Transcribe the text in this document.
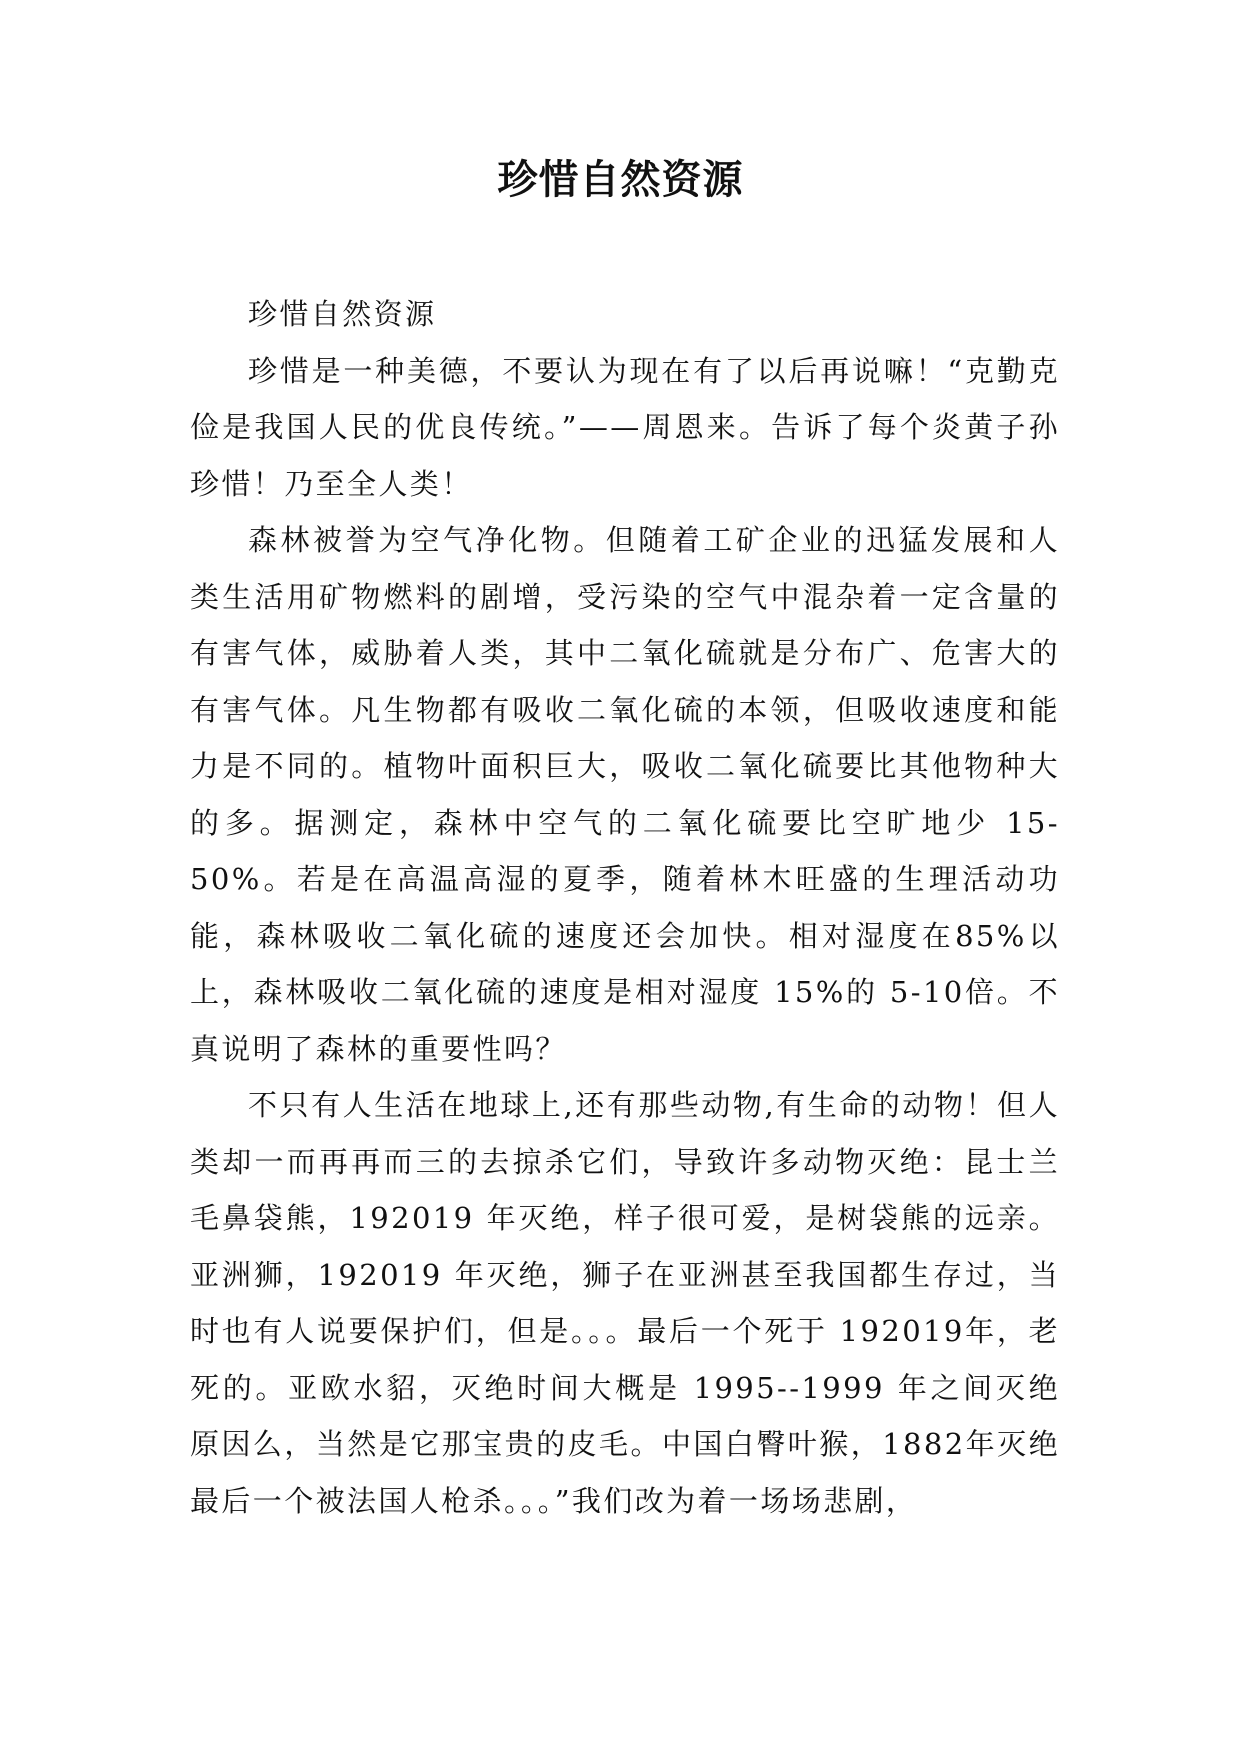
珍惜自然资源

珍惜自然资源

珍惜是一种美德，不要认为现在有了以后再说嘛！“克勤克俭是我国人民的优良传统。”——周恩来。告诉了每个炎黄子孙珍惜！乃至全人类！

森林被誉为空气净化物。但随着工矿企业的迅猛发展和人类生活用矿物燃料的剧增，受污染的空气中混杂着一定含量的有害气体，威胁着人类，其中二氧化硫就是分布广、危害大的有害气体。凡生物都有吸收二氧化硫的本领，但吸收速度和能力是不同的。植物叶面积巨大，吸收二氧化硫要比其他物种大的多。据测定，森林中空气的二氧化硫要比空旷地少 15-50%。若是在高温高湿的夏季，随着林木旺盛的生理活动功能，森林吸收二氧化硫的速度还会加快。相对湿度在85%以上，森林吸收二氧化硫的速度是相对湿度 15%的 5-10倍。不真说明了森林的重要性吗？

不只有人生活在地球上,还有那些动物,有生命的动物！但人类却一而再再而三的去掠杀它们，导致许多动物灭绝：昆士兰毛鼻袋熊，192019 年灭绝，样子很可爱，是树袋熊的远亲。亚洲狮，192019 年灭绝，狮子在亚洲甚至我国都生存过，当时也有人说要保护们，但是。。。最后一个死于 192019年，老死的。亚欧水貂，灭绝时间大概是 1995--1999 年之间灭绝原因么，当然是它那宝贵的皮毛。中国白臀叶猴，1882年灭绝最后一个被法国人枪杀。。。”我们改为着一场场悲剧，
